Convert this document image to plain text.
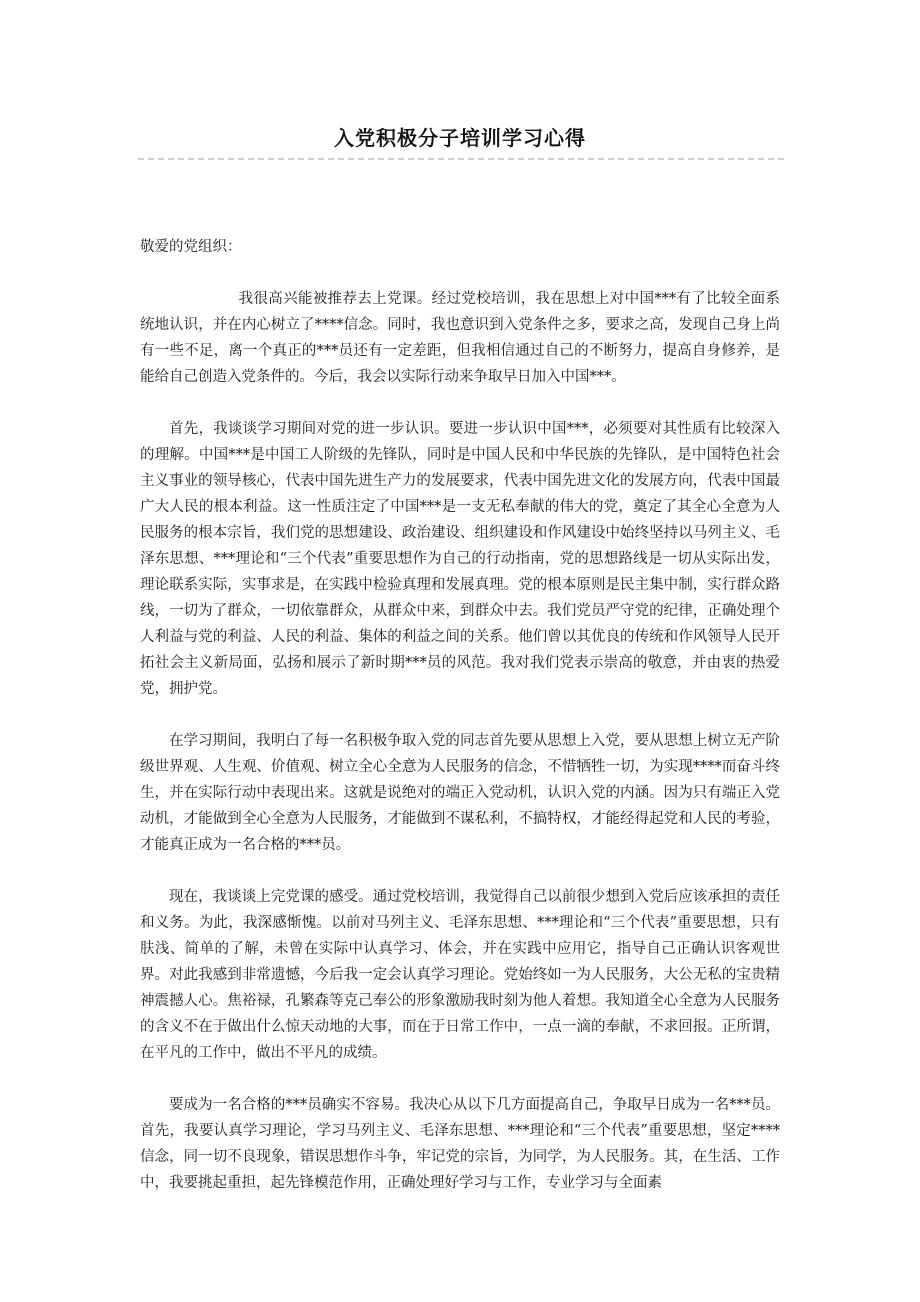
入党积极分子培训学习心得

敬爱的党组织：

我很高兴能被推荐去上党课。经过党校培训，我在思想上对中国***有了比较全面系统地认识，并在内心树立了****信念。同时，我也意识到入党条件之多，要求之高，发现自己身上尚有一些不足，离一个真正的***员还有一定差距，但我相信通过自己的不断努力，提高自身修养，是能给自己创造入党条件的。今后，我会以实际行动来争取早日加入中国***。

首先，我谈谈学习期间对党的进一步认识。要进一步认识中国***，必须要对其性质有比较深入的理解。中国***是中国工人阶级的先锋队，同时是中国人民和中华民族的先锋队，是中国特色社会主义事业的领导核心，代表中国先进生产力的发展要求，代表中国先进文化的发展方向，代表中国最广大人民的根本利益。这一性质注定了中国***是一支无私奉献的伟大的党，奠定了其全心全意为人民服务的根本宗旨，我们党的思想建设、政治建设、组织建设和作风建设中始终坚持以马列主义、毛泽东思想、***理论和“三个代表”重要思想作为自己的行动指南，党的思想路线是一切从实际出发，理论联系实际，实事求是，在实践中检验真理和发展真理。党的根本原则是民主集中制，实行群众路线，一切为了群众，一切依靠群众，从群众中来，到群众中去。我们党员严守党的纪律，正确处理个人利益与党的利益、人民的利益、集体的利益之间的关系。他们曾以其优良的传统和作风领导人民开拓社会主义新局面，弘扬和展示了新时期***员的风范。我对我们党表示崇高的敬意，并由衷的热爱党，拥护党。

在学习期间，我明白了每一名积极争取入党的同志首先要从思想上入党，要从思想上树立无产阶级世界观、人生观、价值观、树立全心全意为人民服务的信念，不惜牺牲一切，为实现****而奋斗终生，并在实际行动中表现出来。这就是说绝对的端正入党动机，认识入党的内涵。因为只有端正入党动机，才能做到全心全意为人民服务，才能做到不谋私利，不搞特权，才能经得起党和人民的考验，才能真正成为一名合格的***员。

现在，我谈谈上完党课的感受。通过党校培训，我觉得自己以前很少想到入党后应该承担的责任和义务。为此，我深感惭愧。以前对马列主义、毛泽东思想、***理论和“三个代表”重要思想，只有肤浅、简单的了解，未曾在实际中认真学习、体会，并在实践中应用它，指导自己正确认识客观世界。对此我感到非常遗憾，今后我一定会认真学习理论。党始终如一为人民服务，大公无私的宝贵精神震撼人心。焦裕禄，孔繁森等克己奉公的形象激励我时刻为他人着想。我知道全心全意为人民服务的含义不在于做出什么惊天动地的大事，而在于日常工作中，一点一滴的奉献，不求回报。正所谓，在平凡的工作中，做出不平凡的成绩。

要成为一名合格的***员确实不容易。我决心从以下几方面提高自己，争取早日成为一名***员。首先，我要认真学习理论，学习马列主义、毛泽东思想、***理论和“三个代表”重要思想，坚定****信念，同一切不良现象，错误思想作斗争，牢记党的宗旨，为同学，为人民服务。其，在生活、工作中，我要挑起重担，起先锋模范作用，正确处理好学习与工作，专业学习与全面素
